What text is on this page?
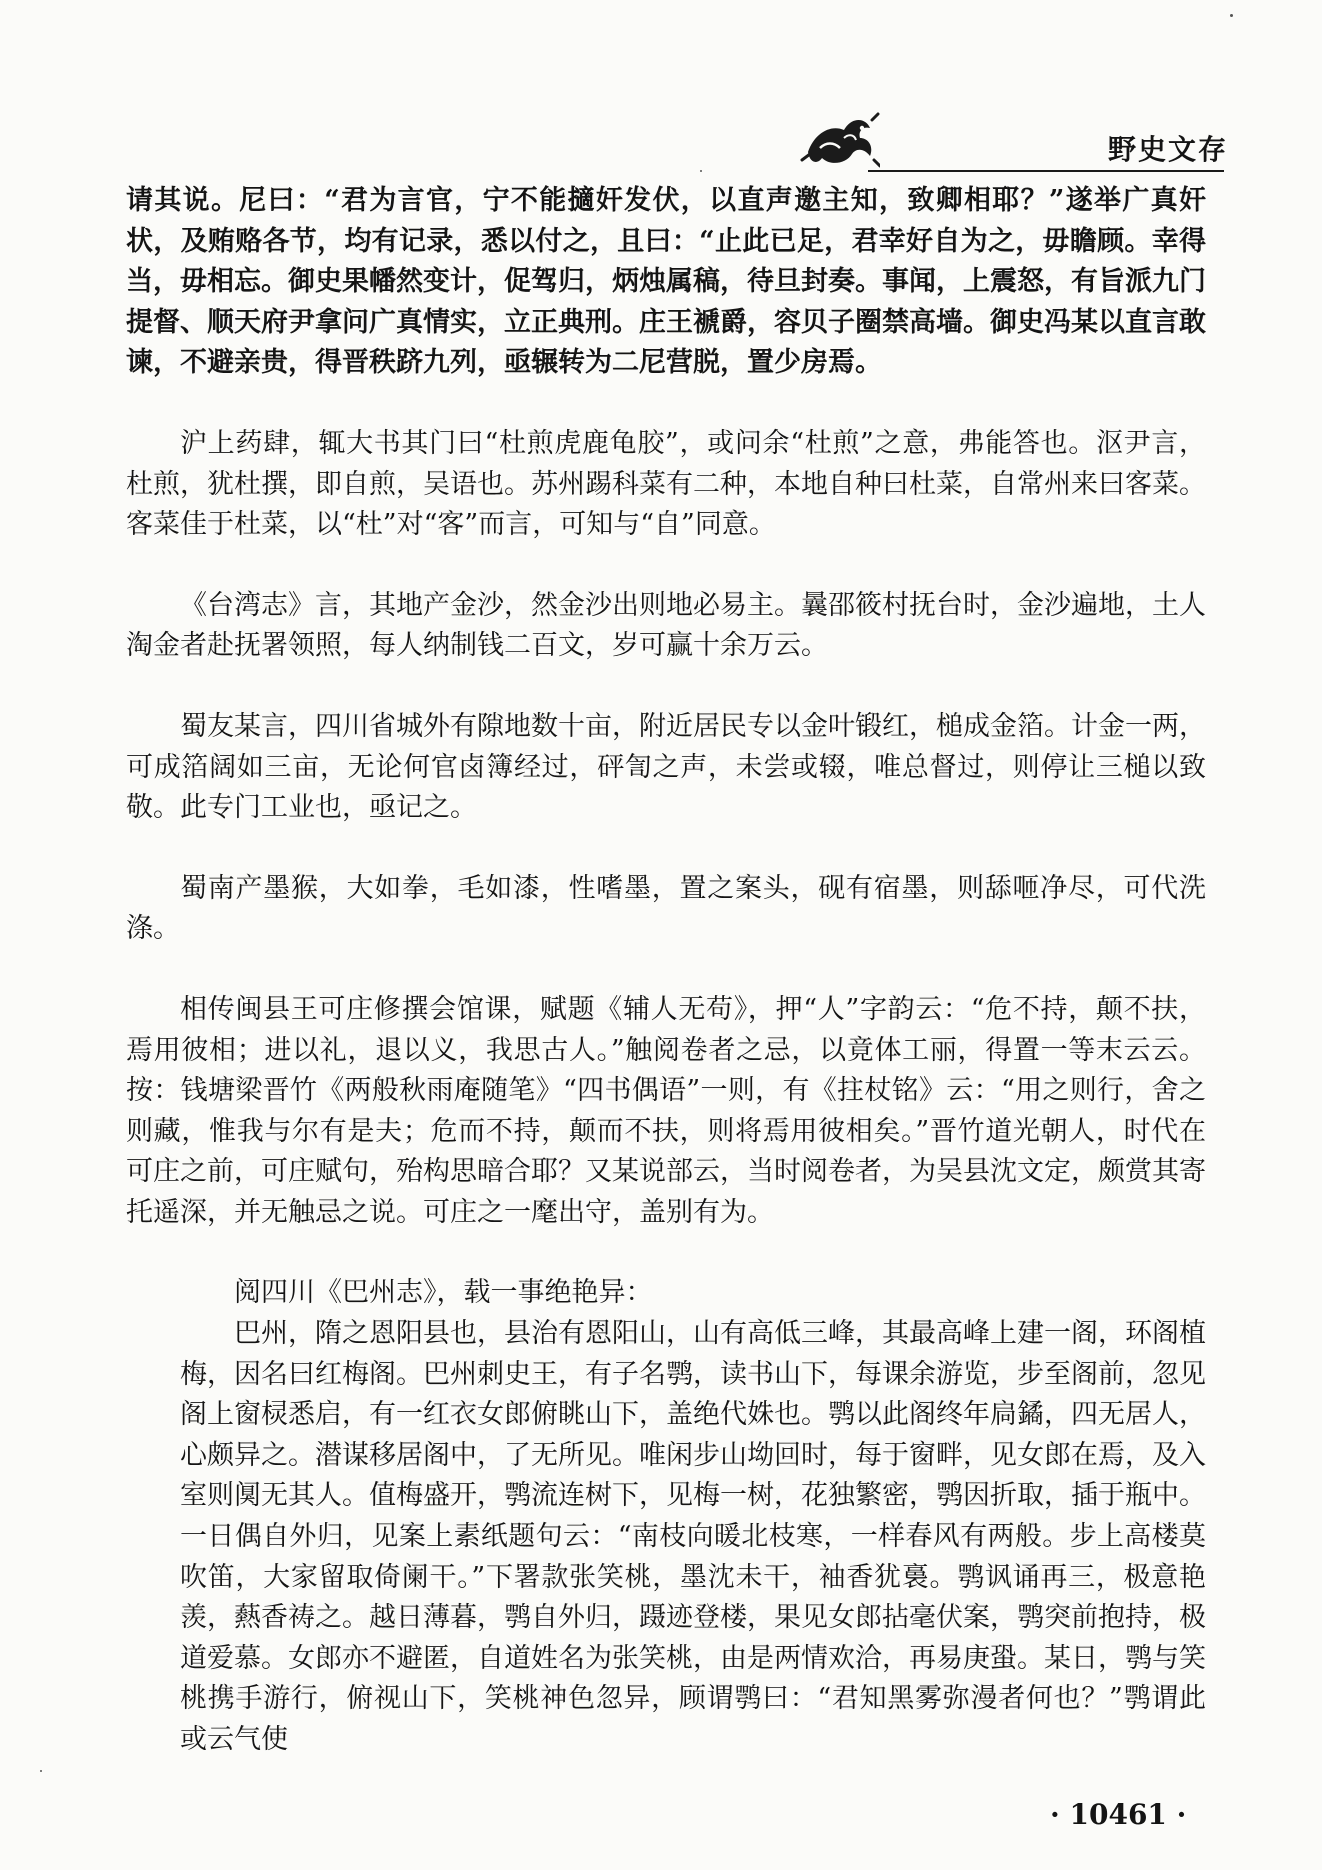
野史文存

请其说。尼曰：“君为言官，宁不能擿奸发伏，以直声邀主知，致卿相耶？”遂举广真奸状，及贿赂各节，均有记录，悉以付之，且曰：“止此已足，君幸好自为之，毋瞻顾。幸得当，毋相忘。御史果幡然变计，促驾归，炳烛属稿，待旦封奏。事闻，上震怒，有旨派九门提督、顺天府尹拿问广真情实，立正典刑。庄王褫爵，容贝子圈禁高墙。御史冯某以直言敢谏，不避亲贵，得晋秩跻九列，亟辗转为二尼营脱，置少房焉。

沪上药肆，辄大书其门曰“杜煎虎鹿龟胶”，或问余“杜煎”之意，弗能答也。沤尹言，杜煎，犹杜撰，即自煎，吴语也。苏州踢科菜有二种，本地自种曰杜菜，自常州来曰客菜。客菜佳于杜菜，以“杜”对“客”而言，可知与“自”同意。

《台湾志》言，其地产金沙，然金沙出则地必易主。曩邵筱村抚台时，金沙遍地，土人淘金者赴抚署领照，每人纳制钱二百文，岁可赢十余万云。

蜀友某言，四川省城外有隙地数十亩，附近居民专以金叶锻红，槌成金箔。计金一两，可成箔阔如三亩，无论何官卤簿经过，砰訇之声，未尝或辍，唯总督过，则停让三槌以致敬。此专门工业也，亟记之。

蜀南产墨猴，大如拳，毛如漆，性嗜墨，置之案头，砚有宿墨，则舔咂净尽，可代洗涤。

相传闽县王可庄修撰会馆课，赋题《辅人无苟》，押“人”字韵云：“危不持，颠不扶，焉用彼相；进以礼，退以义，我思古人。”触阅卷者之忌，以竟体工丽，得置一等末云云。按：钱塘梁晋竹《两般秋雨庵随笔》“四书偶语”一则，有《拄杖铭》云：“用之则行，舍之则藏，惟我与尔有是夫；危而不持，颠而不扶，则将焉用彼相矣。”晋竹道光朝人，时代在可庄之前，可庄赋句，殆构思暗合耶？又某说部云，当时阅卷者，为吴县沈文定，颇赏其寄托遥深，并无触忌之说。可庄之一麾出守，盖别有为。

阅四川《巴州志》，载一事绝艳异：

巴州，隋之恩阳县也，县治有恩阳山，山有高低三峰，其最高峰上建一阁，环阁植梅，因名曰红梅阁。巴州刺史王，有子名鹗，读书山下，每课余游览，步至阁前，忽见阁上窗棂悉启，有一红衣女郎俯眺山下，盖绝代姝也。鹗以此阁终年扃鐍，四无居人，心颇异之。潜谋移居阁中，了无所见。唯闲步山坳回时，每于窗畔，见女郎在焉，及入室则阒无其人。值梅盛开，鹗流连树下，见梅一树，花独繁密，鹗因折取，插于瓶中。一日偶自外归，见案上素纸题句云：“南枝向暖北枝寒，一样春风有两般。步上高楼莫吹笛，大家留取倚阑干。”下署款张笑桃，墨沈未干，袖香犹裛。鹗讽诵再三，极意艳羡，爇香祷之。越日薄暮，鹗自外归，蹑迹登楼，果见女郎拈毫伏案，鹗突前抱持，极道爱慕。女郎亦不避匿，自道姓名为张笑桃，由是两情欢洽，再易庚蛩。某日，鹗与笑桃携手游行，俯视山下，笑桃神色忽异，顾谓鹗曰：“君知黑雾弥漫者何也？”鹗谓此或云气使

· 10461 ·
